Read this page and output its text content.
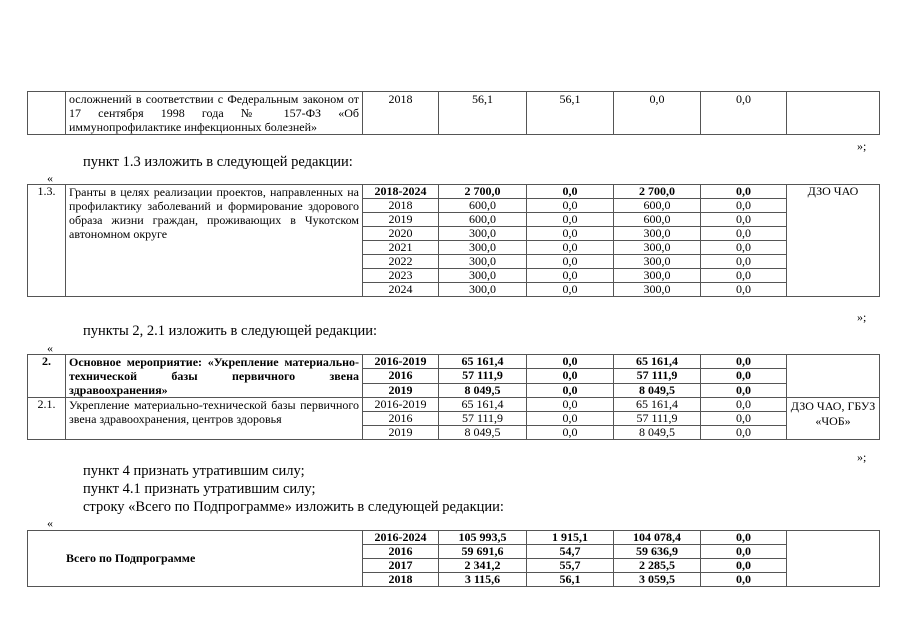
	осложнений в соответствии с Федеральным законом от 17 сентября 1998 года № 157-ФЗ «Об иммунопрофилактике инфекционных болезней»	2018	56,1	56,1	0,0	0,0	
»;
пункт 1.3 изложить в следующей редакции:
«
1.3.	Гранты в целях реализации проектов, направленных на профилактику заболеваний и формирование здорового образа жизни граждан, проживающих в Чукотском автономном округе	2018-2024	2 700,0	0,0	2 700,0	0,0	ДЗО ЧАО
		2018	600,0	0,0	600,0	0,0	
		2019	600,0	0,0	600,0	0,0	
		2020	300,0	0,0	300,0	0,0	
		2021	300,0	0,0	300,0	0,0	
		2022	300,0	0,0	300,0	0,0	
		2023	300,0	0,0	300,0	0,0	
		2024	300,0	0,0	300,0	0,0	
»;
пункты 2, 2.1 изложить в следующей редакции:
«
2.	Основное мероприятие: «Укрепление материально-технической базы первичного звена здравоохранения»	2016-2019	65 161,4	0,0	65 161,4	0,0	
		2016	57 111,9	0,0	57 111,9	0,0	
		2019	8 049,5	0,0	8 049,5	0,0	
2.1.	Укрепление материально-технической базы первичного звена здравоохранения, центров здоровья	2016-2019	65 161,4	0,0	65 161,4	0,0	ДЗО ЧАО, ГБУЗ «ЧОБ»
		2016	57 111,9	0,0	57 111,9	0,0	
		2019	8 049,5	0,0	8 049,5	0,0	
»;
пункт 4 признать утратившим силу;
пункт 4.1 признать утратившим силу;
строку «Всего по Подпрограмме» изложить в следующей редакции:
«
Всего по Подпрограмме	2016-2024	105 993,5	1 915,1	104 078,4	0,0	
	2016	59 691,6	54,7	59 636,9	0,0	
	2017	2 341,2	55,7	2 285,5	0,0	
	2018	3 115,6	56,1	3 059,5	0,0	
